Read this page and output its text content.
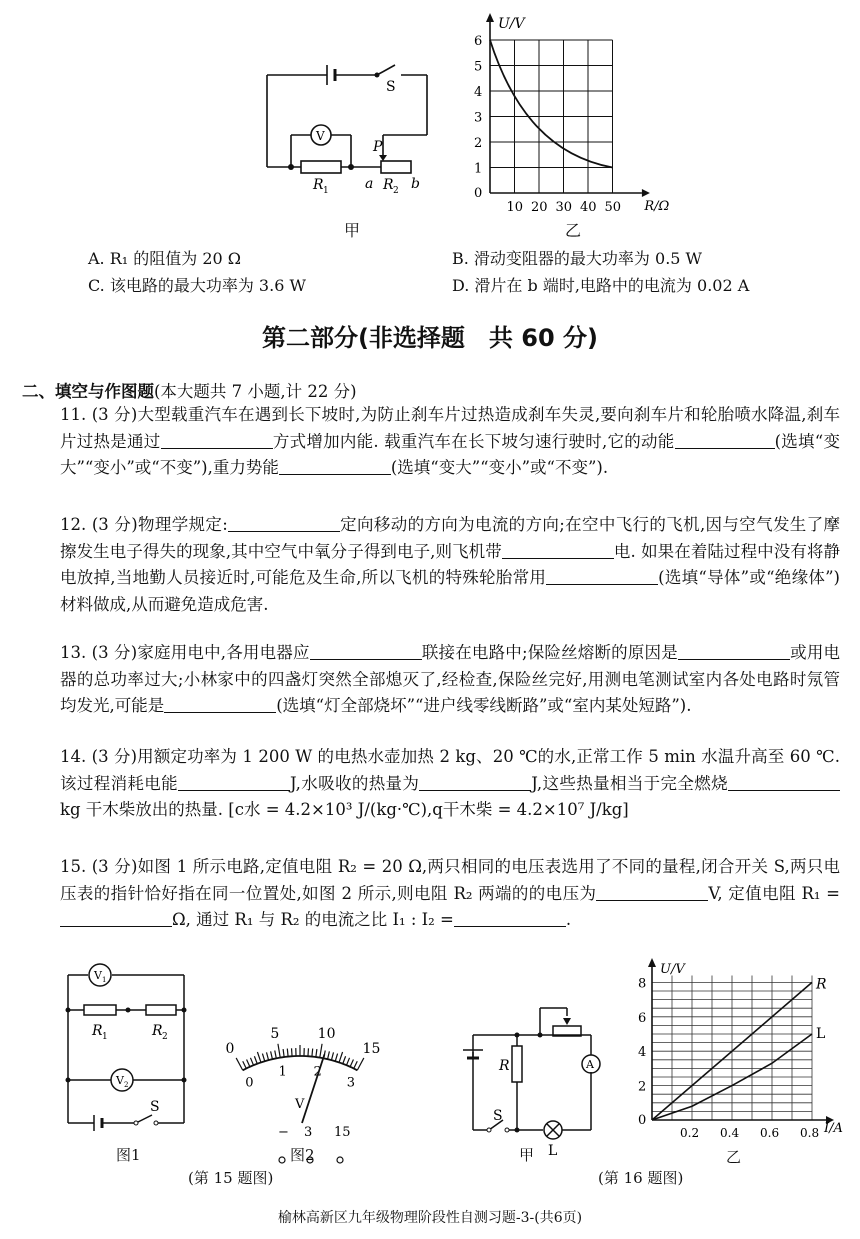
S
V
P
R 1	a R 2 b
甲
U/V
R/Ω
0
1
2
3
4
5
6
10 20 30 40 50
乙
A. R₁ 的阻值为 20 Ω	B. 滑动变阻器的最大功率为 0.5 W
C. 该电路的最大功率为 3.6 W	D. 滑片在 b 端时,电路中的电流为 0.02 A
第二部分(非选择题　共 60 分)
二、填空与作图题(本大题共 7 小题,计 22 分)
11. (3 分)大型载重汽车在遇到长下坡时,为防止刹车片过热造成刹车失灵,要向刹车片和轮胎喷水降温,刹车片过热是通过	方式增加内能. 载重汽车在长下坡匀速行驶时,它的动能	(选填“变大”“变小”或“不变”),重力势能	(选填“变大”“变小”或“不变”).
12. (3 分)物理学规定:	定向移动的方向为电流的方向;在空中飞行的飞机,因与空气发生了摩擦发生电子得失的现象,其中空气中氧分子得到电子,则飞机带	电. 如果在着陆过程中没有将静电放掉,当地勤人员接近时,可能危及生命,所以飞机的特殊轮胎常用	(选填“导体”或“绝缘体”)材料做成,从而避免造成危害.
13. (3 分)家庭用电中,各用电器应	联接在电路中;保险丝熔断的原因是	或用电器的总功率过大;小林家中的四盏灯突然全部熄灭了,经检查,保险丝完好,用测电笔测试室内各处电路时氖管均发光,可能是	(选填“灯全部烧坏”“进户线零线断路”或“室内某处短路”).
14. (3 分)用额定功率为 1 200 W 的电热水壶加热 2 kg、20 ℃的水,正常工作 5 min 水温升高至 60 ℃. 该过程消耗电能	J,水吸收的热量为	J,这些热量相当于完全燃烧kg 干木柴放出的热量. [c水 = 4.2×10³ J/(kg·℃),q干木柴 = 4.2×10⁷ J/kg]
15. (3 分)如图 1 所示电路,定值电阻 R₂ = 20 Ω,两只相同的电压表选用了不同的量程,闭合开关 S,两只电压表的指针恰好指在同一位置处,如图 2 所示,则电阻 R₂ 两端的的电压为	V, 定值电阻 R₁ =Ω, 通过 R₁ 与 R₂ 的电流之比 I₁ : I₂ =	.
V 1
V 2
R 1	R 2
S
图1
0
5	10
15
0
1 2
3
V
− 3 15
图2
(第 15 题图)
R	A
S
L
甲
U/V
I/A
0
2
4
6
8
0.2 0.4 0.6 0.8
R
L
乙
(第 16 题图)
榆林高新区九年级物理阶段性自测习题-3-(共6页)
